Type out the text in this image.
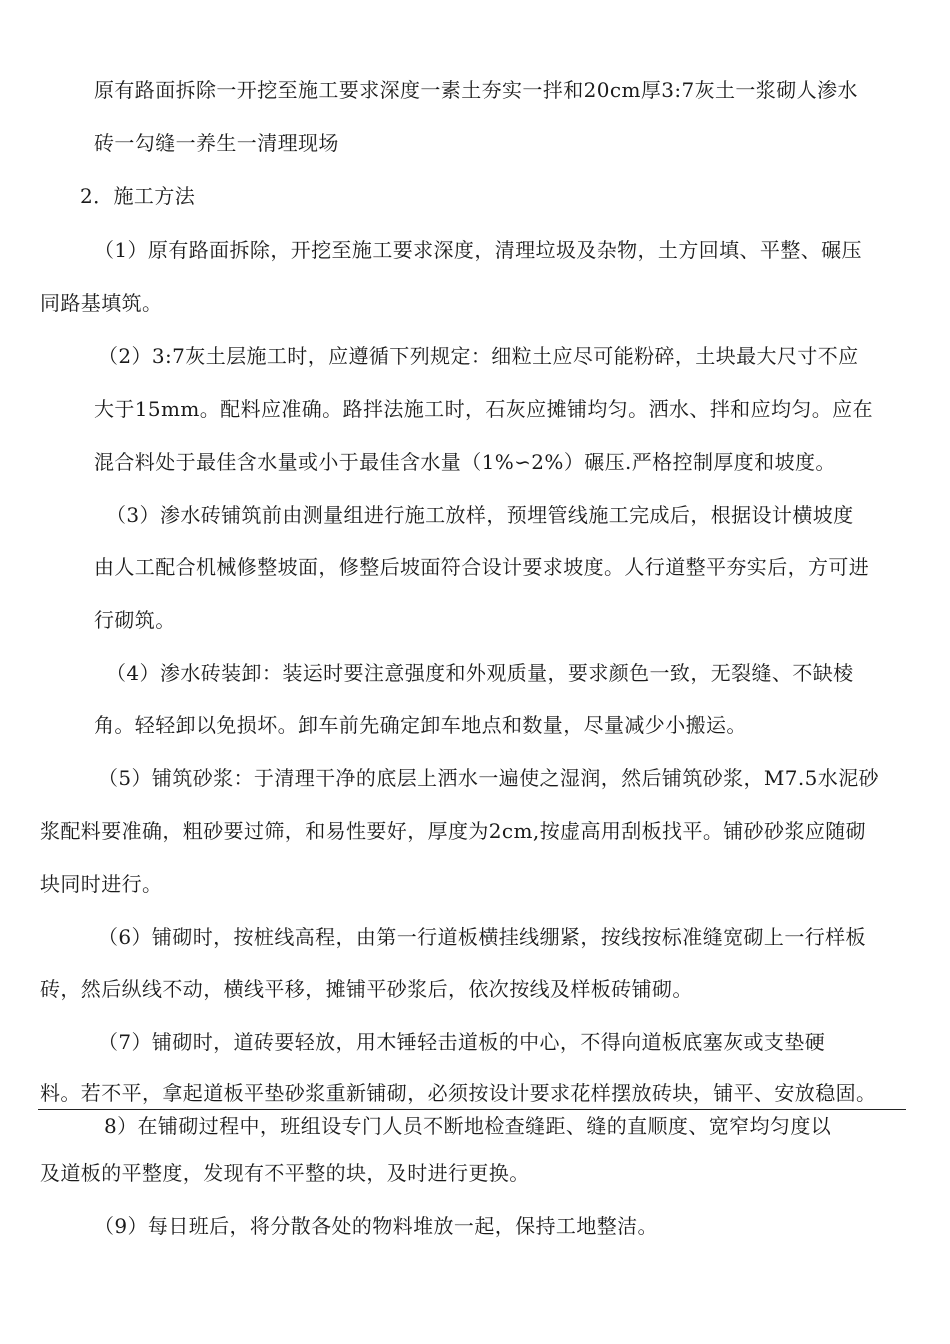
原有路面拆除一开挖至施工要求深度一素土夯实一拌和20cm厚3:7灰土一浆砌人渗水
砖一勾缝一养生一清理现场
2．施工方法
（1）原有路面拆除，开挖至施工要求深度，清理垃圾及杂物，土方回填、平整、碾压
同路基填筑。
（2）3:7灰土层施工时，应遵循下列规定：细粒土应尽可能粉碎，土块最大尺寸不应
大于15mm。配料应准确。路拌法施工时，石灰应摊铺均匀。洒水、拌和应均匀。应在
混合料处于最佳含水量或小于最佳含水量（1%∽2%）碾压.严格控制厚度和坡度。
（3）渗水砖铺筑前由测量组进行施工放样，预埋管线施工完成后，根据设计横坡度
由人工配合机械修整坡面，修整后坡面符合设计要求坡度。人行道整平夯实后，方可进
行砌筑。
（4）渗水砖装卸：装运时要注意强度和外观质量，要求颜色一致，无裂缝、不缺棱
角。轻轻卸以免损坏。卸车前先确定卸车地点和数量，尽量减少小搬运。
（5）铺筑砂浆：于清理干净的底层上洒水一遍使之湿润，然后铺筑砂浆，M7.5水泥砂
浆配料要准确，粗砂要过筛，和易性要好，厚度为2cm,按虚高用刮板找平。铺砂砂浆应随砌
块同时进行。
（6）铺砌时，按桩线高程，由第一行道板横挂线绷紧，按线按标准缝宽砌上一行样板
砖，然后纵线不动，横线平移，摊铺平砂浆后，依次按线及样板砖铺砌。
（7）铺砌时，道砖要轻放，用木锤轻击道板的中心，不得向道板底塞灰或支垫硬
料。若不平，拿起道板平垫砂浆重新铺砌，必须按设计要求花样摆放砖块，铺平、安放稳固。
8）在铺砌过程中，班组设专门人员不断地检查缝距、缝的直顺度、宽窄均匀度以
及道板的平整度，发现有不平整的块，及时进行更换。
（9）每日班后，将分散各处的物料堆放一起，保持工地整洁。
